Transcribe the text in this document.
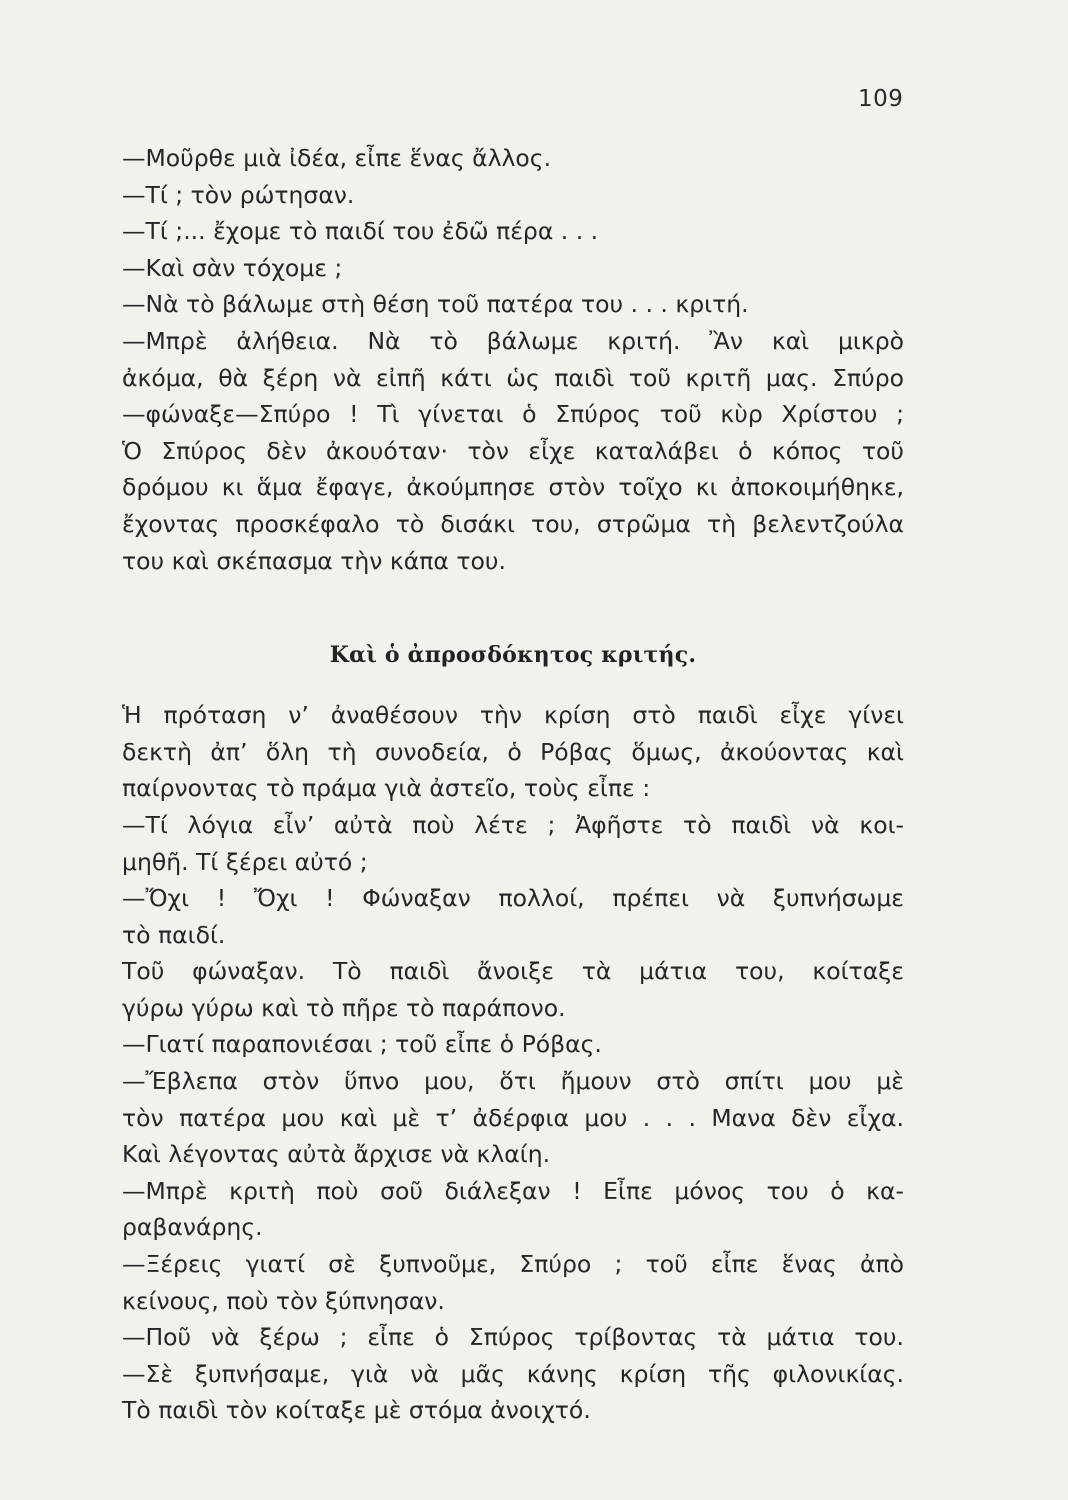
109
—Μοῦρθε μιὰ ἰδέα, εἶπε ἕνας ἄλλος.
—Τί ; τὸν ρώτησαν.
—Τί ;... ἔχομε τὸ παιδί του ἐδῶ πέρα . . .
—Καὶ σὰν τόχομε ;
—Νὰ τὸ βάλωμε στὴ θέση τοῦ πατέρα του . . . κριτή.
—Μπρὲ ἀλήθεια. Νὰ τὸ βάλωμε κριτή. Ἂν καὶ μικρὸ
ἀκόμα, θὰ ξέρη νὰ εἰπῆ κάτι ὡς παιδὶ τοῦ κριτῆ μας. Σπύρο
—φώναξε—Σπύρο ! Τὶ γίνεται ὁ Σπύρος τοῦ κὺρ Χρίστου ;
Ὁ Σπύρος δὲν ἀκουόταν· τὸν εἶχε καταλάβει ὁ κόπος τοῦ
δρόμου κι ἅμα ἔφαγε, ἀκούμπησε στὸν τοῖχο κι ἀποκοιμήθηκε,
ἔχοντας προσκέφαλο τὸ δισάκι του, στρῶμα τὴ βελεντζούλα
του καὶ σκέπασμα τὴν κάπα του.
Καὶ ὁ ἀπροσδόκητος κριτής.
Ἡ πρόταση ν’ ἀναθέσουν τὴν κρίση στὸ παιδὶ εἶχε γίνει
δεκτὴ ἀπ’ ὅλη τὴ συνοδεία, ὁ Ρόβας ὅμως, ἀκούοντας καὶ
παίρνοντας τὸ πράμα γιὰ ἀστεῖο, τοὺς εἶπε :
—Τί λόγια εἶν’ αὐτὰ ποὺ λέτε ; Ἀφῆστε τὸ παιδὶ νὰ κοι-
μηθῆ. Τί ξέρει αὐτό ;
—Ὄχι ! Ὄχι ! Φώναξαν πολλοί, πρέπει νὰ ξυπνήσωμε
τὸ παιδί.
Τοῦ φώναξαν. Τὸ παιδὶ ἄνοιξε τὰ μάτια του, κοίταξε
γύρω γύρω καὶ τὸ πῆρε τὸ παράπονο.
—Γιατί παραπονιέσαι ; τοῦ εἶπε ὁ Ρόβας.
—Ἔβλεπα στὸν ὕπνο μου, ὅτι ἤμουν στὸ σπίτι μου μὲ
τὸν πατέρα μου καὶ μὲ τ’ ἀδέρφια μου . . . Μανα δὲν εἶχα.
Καὶ λέγοντας αὐτὰ ἄρχισε νὰ κλαίη.
—Μπρὲ κριτὴ ποὺ σοῦ διάλεξαν ! Εἶπε μόνος του ὁ κα-
ραβανάρης.
—Ξέρεις γιατί σὲ ξυπνοῦμε, Σπύρο ; τοῦ εἶπε ἕνας ἀπὸ
κείνους, ποὺ τὸν ξύπνησαν.
—Ποῦ νὰ ξέρω ; εἶπε ὁ Σπύρος τρίβοντας τὰ μάτια του.
—Σὲ ξυπνήσαμε, γιὰ νὰ μᾶς κάνης κρίση τῆς φιλονικίας.
Τὸ παιδὶ τὸν κοίταξε μὲ στόμα ἀνοιχτό.
